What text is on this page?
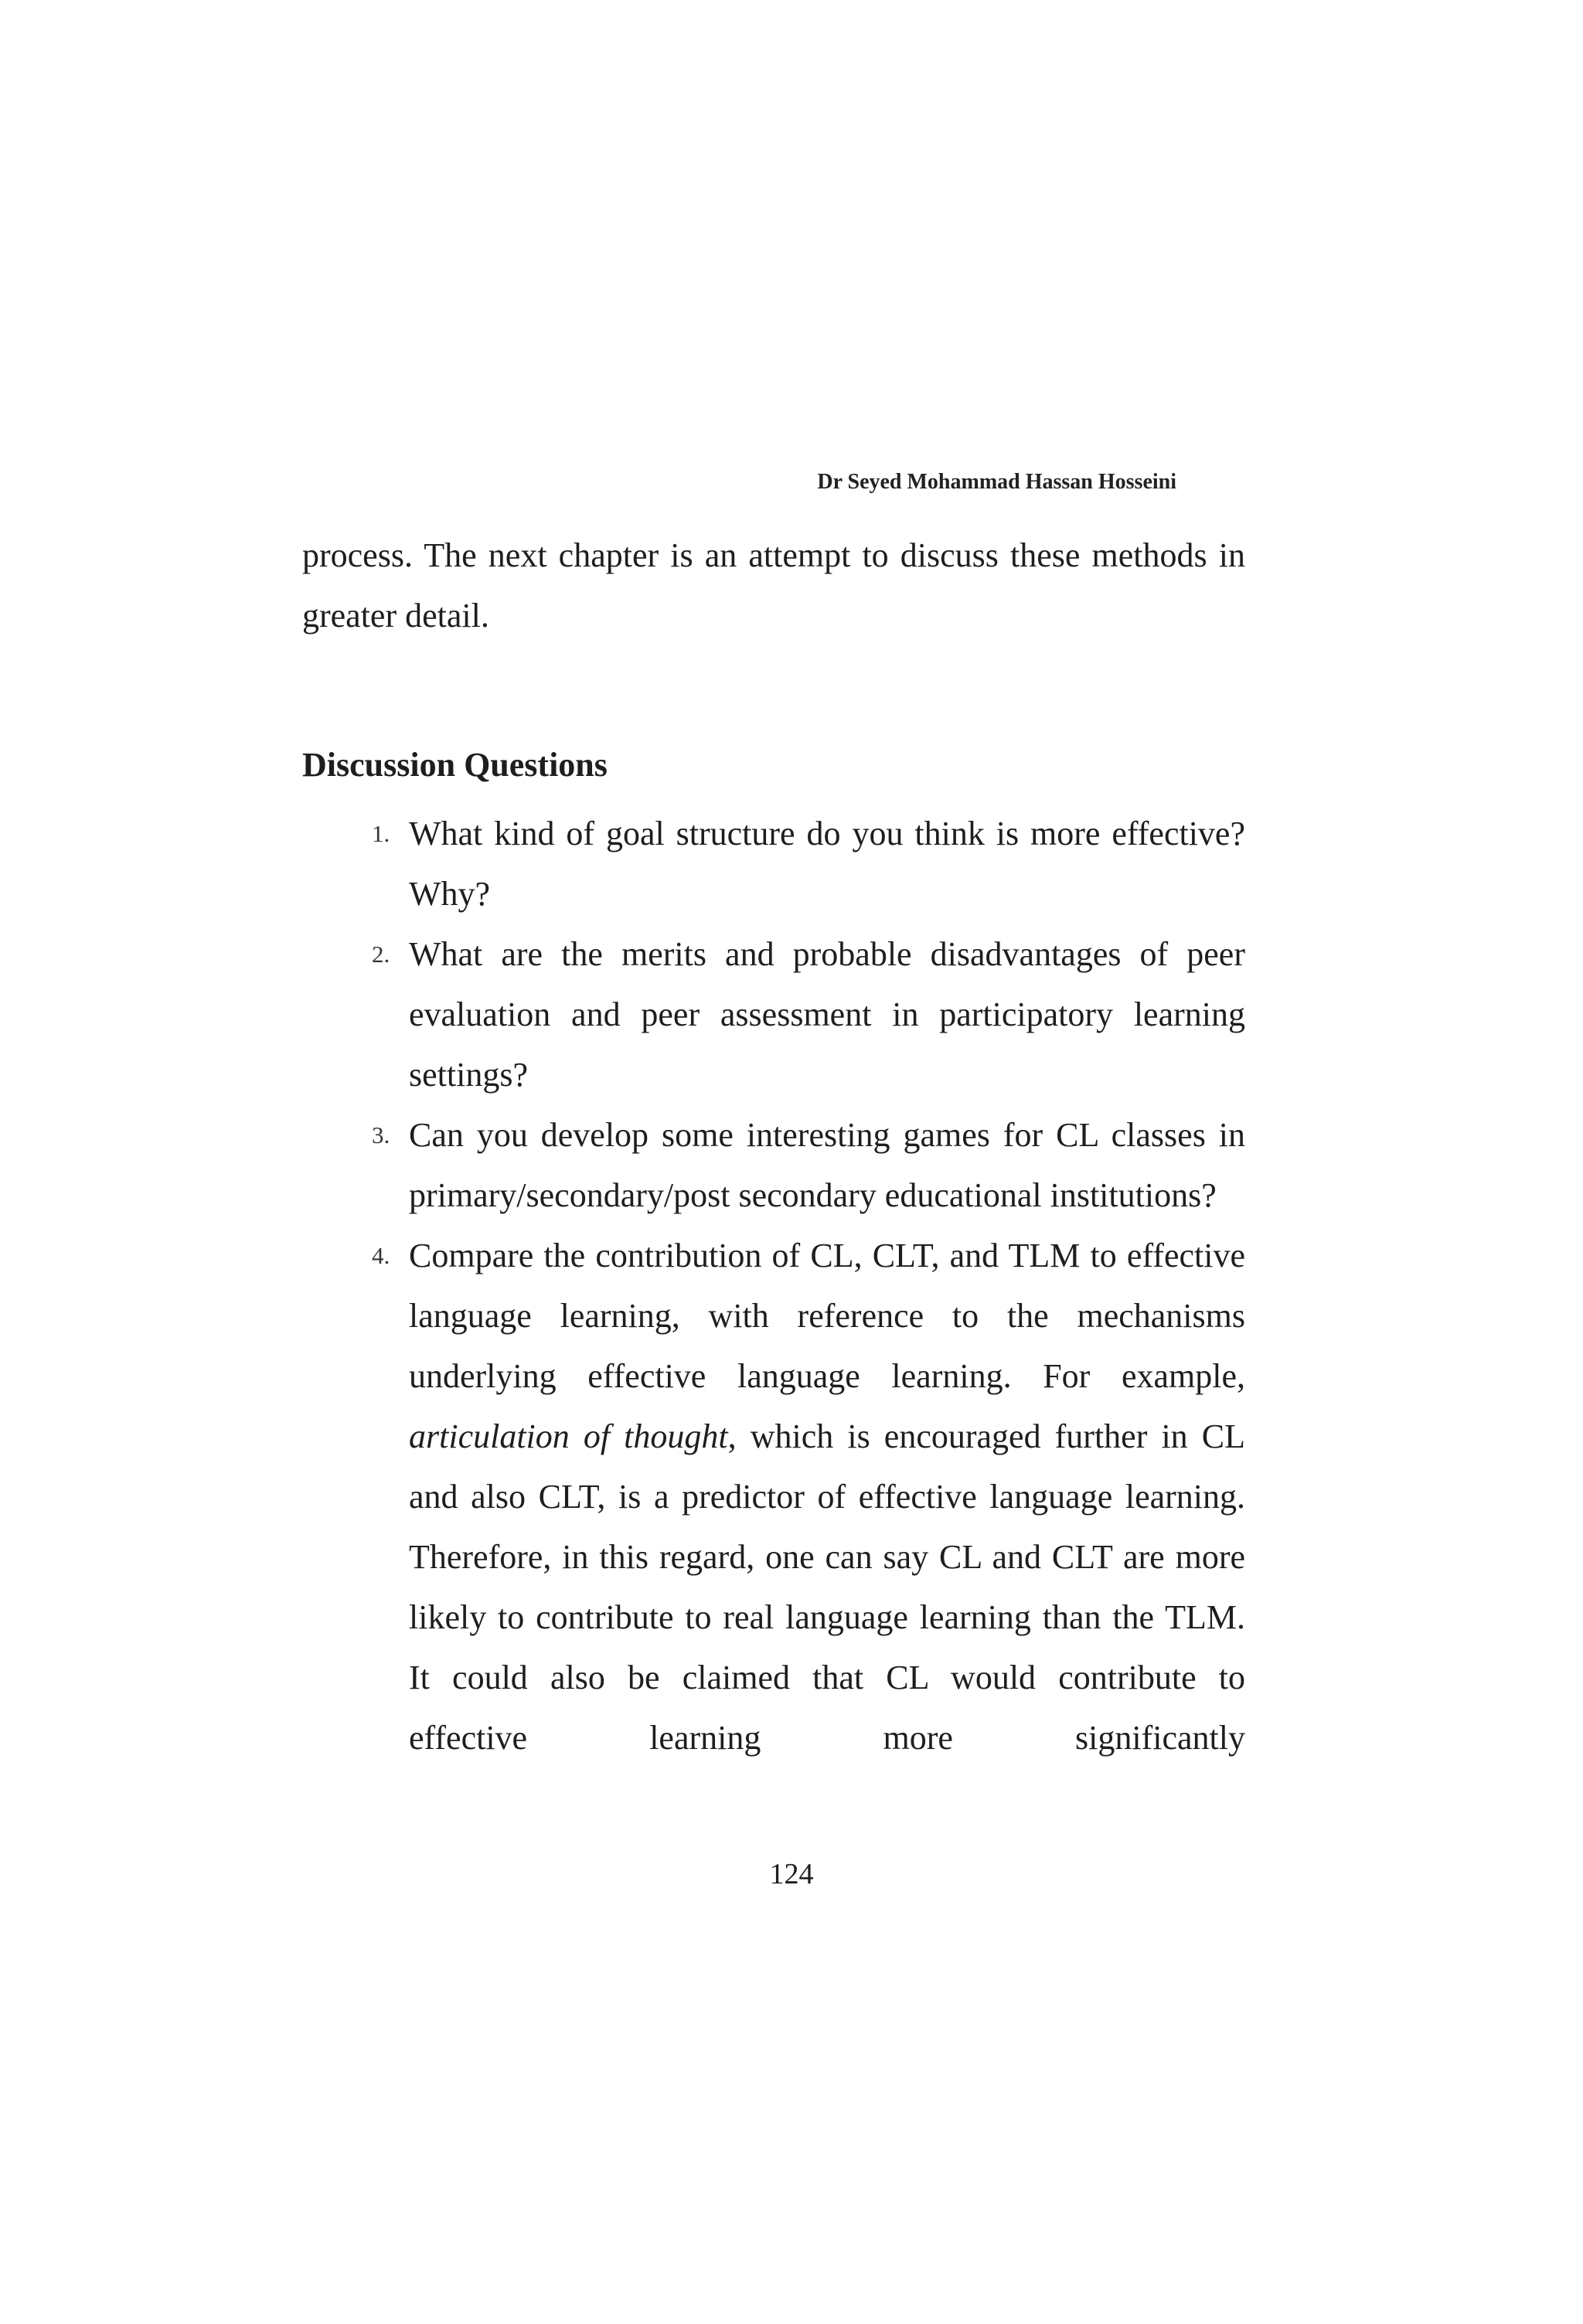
Dr Seyed Mohammad Hassan Hosseini

process. The next chapter is an attempt to discuss these methods in greater detail.

Discussion Questions
1. What kind of goal structure do you think is more effective? Why?
2. What are the merits and probable disadvantages of peer evaluation and peer assessment in participatory learning settings?
3. Can you develop some interesting games for CL classes in primary/secondary/post secondary educational institutions?
4. Compare the contribution of CL, CLT, and TLM to effective language learning, with reference to the mechanisms underlying effective language learning. For example, articulation of thought, which is encouraged further in CL and also CLT, is a predictor of effective language learning. Therefore, in this regard, one can say CL and CLT are more likely to contribute to real language learning than the TLM. It could also be claimed that CL would contribute to effective learning more significantly
124
